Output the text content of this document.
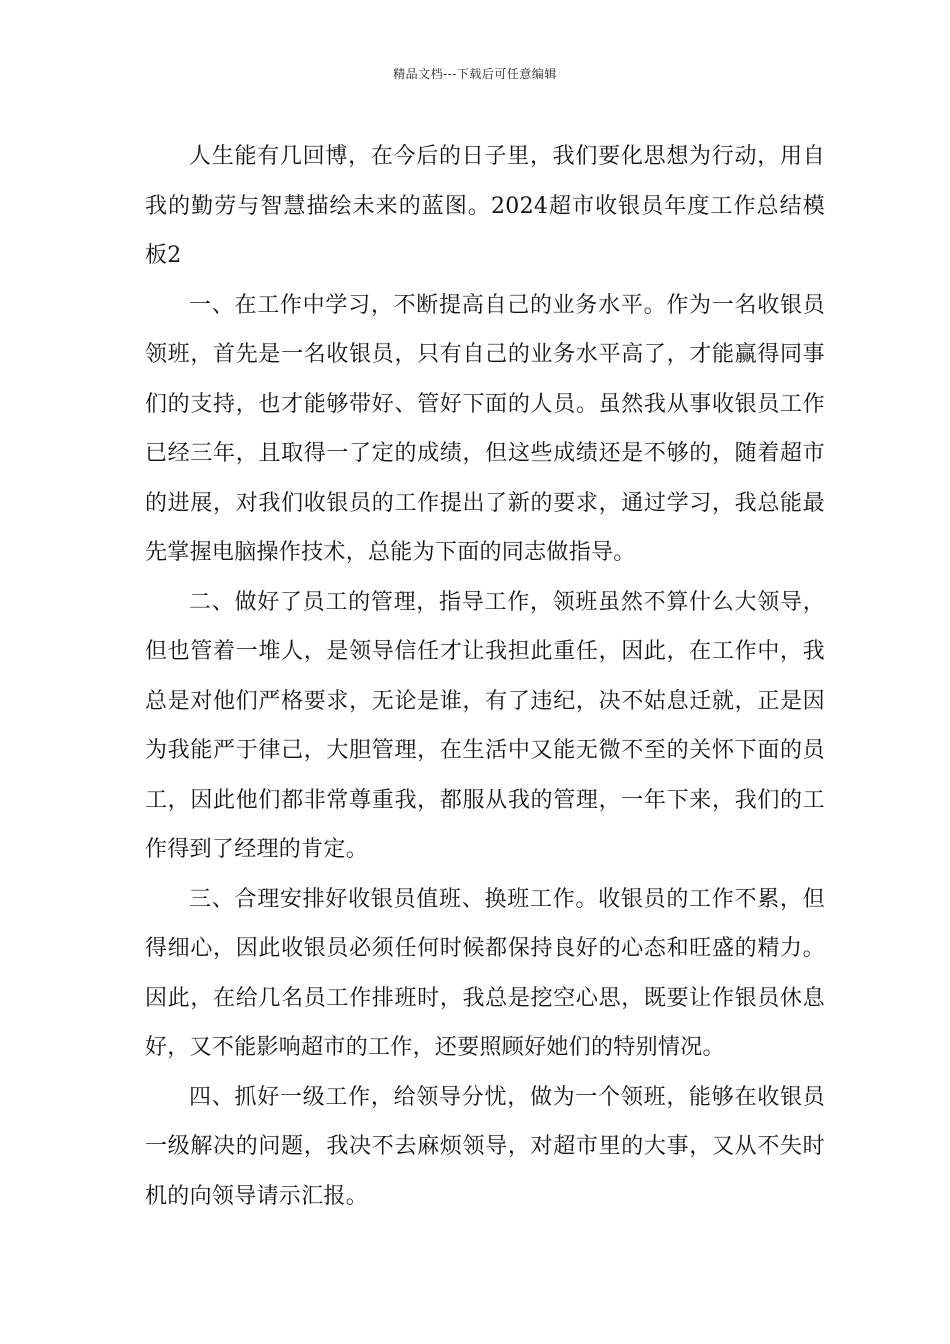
精品文档---下载后可任意编辑

人生能有几回博，在今后的日子里，我们要化思想为行动，用自我的勤劳与智慧描绘未来的蓝图。2024超市收银员年度工作总结模板2

一、在工作中学习，不断提高自己的业务水平。作为一名收银员领班，首先是一名收银员，只有自己的业务水平高了，才能赢得同事们的支持，也才能够带好、管好下面的人员。虽然我从事收银员工作已经三年，且取得一了定的成绩，但这些成绩还是不够的，随着超市的进展，对我们收银员的工作提出了新的要求，通过学习，我总能最先掌握电脑操作技术，总能为下面的同志做指导。

二、做好了员工的管理，指导工作，领班虽然不算什么大领导，但也管着一堆人，是领导信任才让我担此重任，因此，在工作中，我总是对他们严格要求，无论是谁，有了违纪，决不姑息迁就，正是因为我能严于律己，大胆管理，在生活中又能无微不至的关怀下面的员工，因此他们都非常尊重我，都服从我的管理，一年下来，我们的工作得到了经理的肯定。

三、合理安排好收银员值班、换班工作。收银员的工作不累，但得细心，因此收银员必须任何时候都保持良好的心态和旺盛的精力。因此，在给几名员工作排班时，我总是挖空心思，既要让作银员休息好，又不能影响超市的工作，还要照顾好她们的特别情况。

四、抓好一级工作，给领导分忧，做为一个领班，能够在收银员一级解决的问题，我决不去麻烦领导，对超市里的大事，又从不失时机的向领导请示汇报。
